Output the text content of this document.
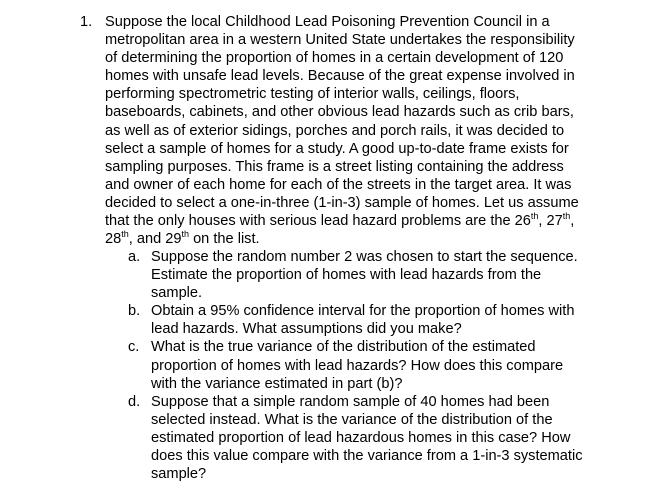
1. Suppose the local Childhood Lead Poisoning Prevention Council in a
metropolitan area in a western United State undertakes the responsibility
of determining the proportion of homes in a certain development of 120
homes with unsafe lead levels. Because of the great expense involved in
performing spectrometric testing of interior walls, ceilings, floors,
baseboards, cabinets, and other obvious lead hazards such as crib bars,
as well as of exterior sidings, porches and porch rails, it was decided to
select a sample of homes for a study. A good up-to-date frame exists for
sampling purposes. This frame is a street listing containing the address
and owner of each home for each of the streets in the target area. It was
decided to select a one-in-three (1-in-3) sample of homes. Let us assume
that the only houses with serious lead hazard problems are the 26th, 27th,
28th, and 29th on the list.
a. Suppose the random number 2 was chosen to start the sequence.
Estimate the proportion of homes with lead hazards from the
sample.
b. Obtain a 95% confidence interval for the proportion of homes with
lead hazards. What assumptions did you make?
c. What is the true variance of the distribution of the estimated
proportion of homes with lead hazards? How does this compare
with the variance estimated in part (b)?
d. Suppose that a simple random sample of 40 homes had been
selected instead. What is the variance of the distribution of the
estimated proportion of lead hazardous homes in this case? How
does this value compare with the variance from a 1-in-3 systematic
sample?
